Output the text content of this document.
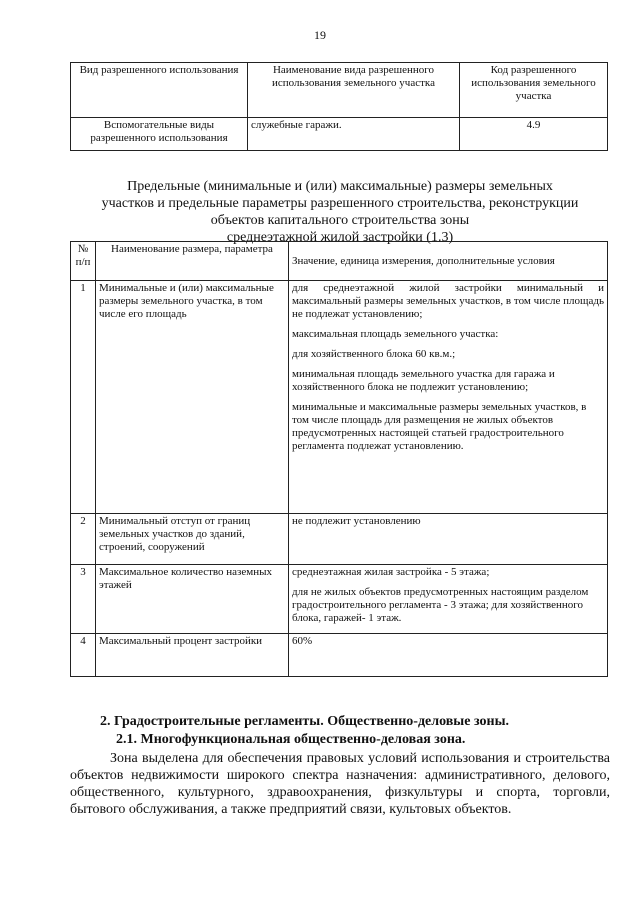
19
Вид разрешенного использования	Наименование вида разрешенного использования земельного участка	Код разрешенного использования земельного участка
Вспомогательные виды разрешенного использования	служебные гаражи.	4.9
Предельные (минимальные и (или) максимальные) размеры земельных
участков и предельные параметры разрешенного строительства, реконструкции
объектов капитального строительства зоны
среднеэтажной жилой застройки (1.3)
№ п/п	Наименование размера, параметра	Значение, единица измерения, дополнительные условия
1	Минимальные и (или) максимальные размеры земельного участка, в том числе его площадь	для среднеэтажной жилой застройки минимальный и максимальный размеры земельных участков, в том числе площадь не подлежат установлению;

максимальная площадь земельного участка:

для хозяйственного блока 60 кв.м.;

минимальная площадь земельного участка для гаража и хозяйственного блока не подлежит установлению;

минимальные и максимальные размеры земельных участков, в том числе площадь для размещения не жилых объектов предусмотренных настоящей статьей градостроительного регламента подлежат установлению.

2	Минимальный отступ от границ земельных участков до зданий, строений, сооружений	не подлежит установлению

3	Максимальное количество наземных этажей	среднеэтажная жилая застройка - 5 этажа;

для не жилых объектов предусмотренных настоящим разделом градостроительного регламента - 3 этажа; для хозяйственного блока, гаражей- 1 этаж.

4	Максимальный процент застройки	60%

2. Градостроительные регламенты. Общественно-деловые зоны.
2.1. Многофункциональная общественно-деловая зона.
Зона выделена для обеспечения правовых условий использования и строительства объектов недвижимости широкого спектра назначения: административного, делового, общественного, культурного, здравоохранения, физкультуры и спорта, торговли, бытового обслуживания, а также предприятий связи, культовых объектов.
